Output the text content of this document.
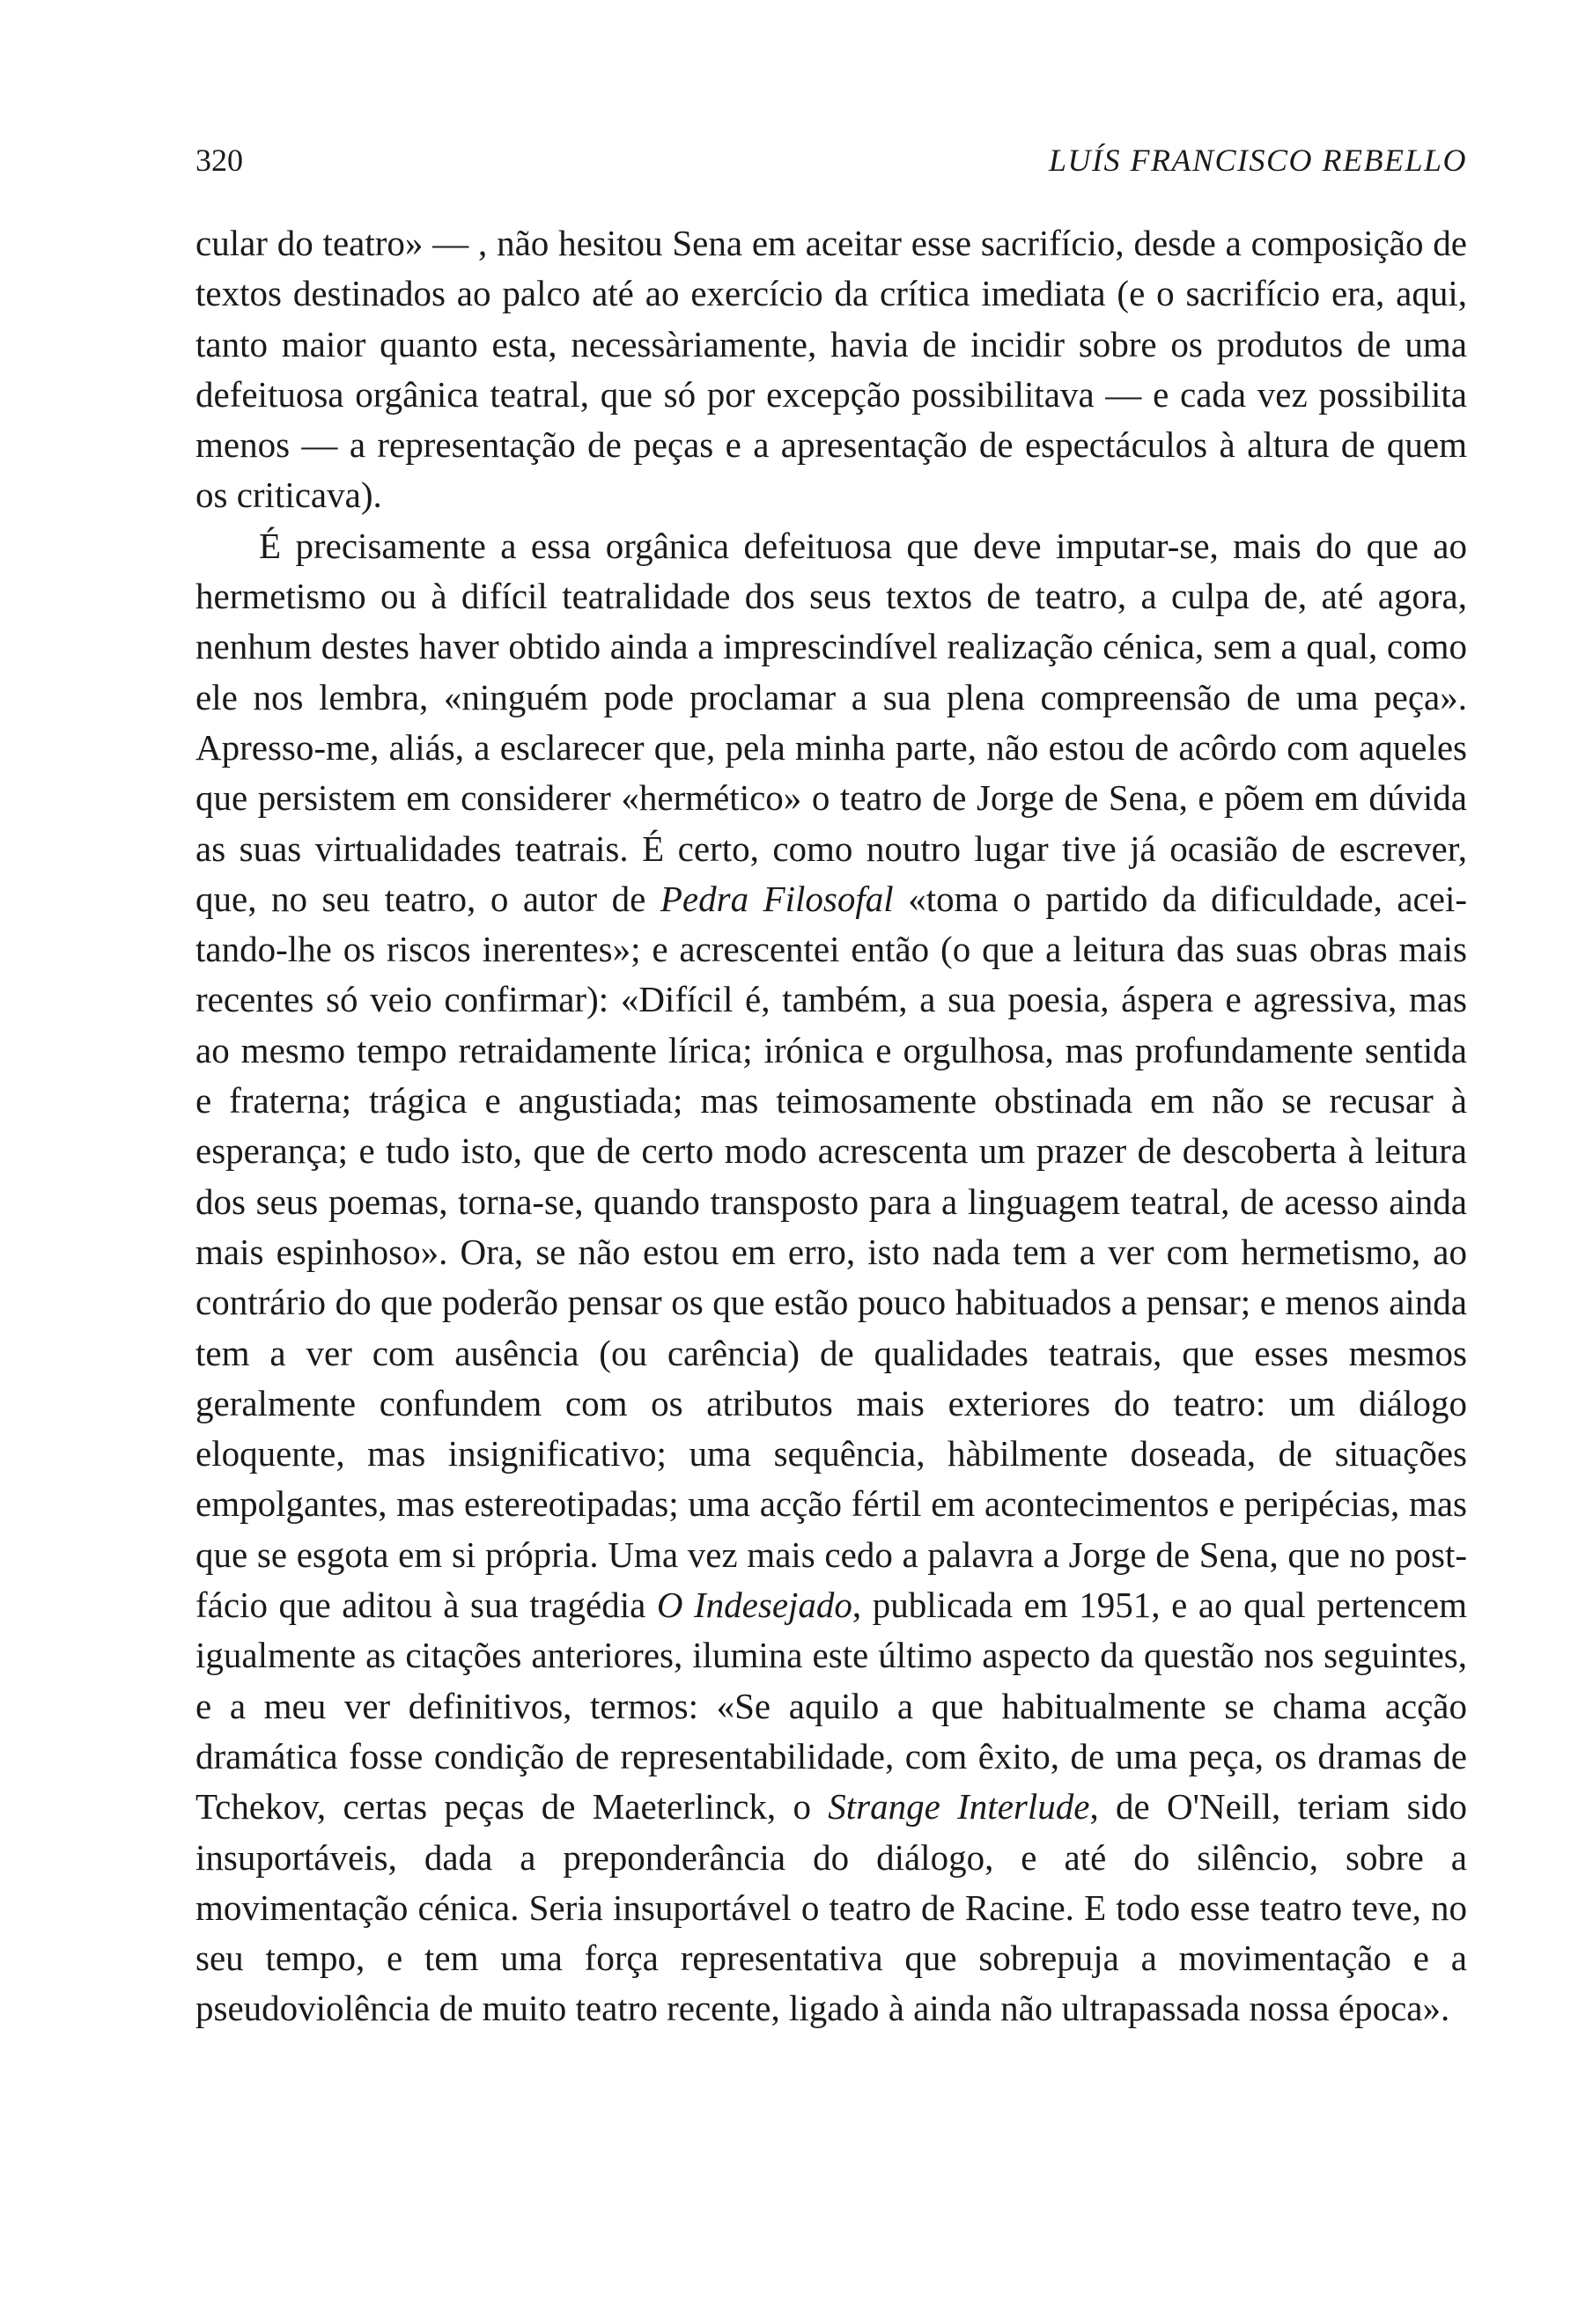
320	LUÍS FRANCISCO REBELLO

cular do teatro» — , não hesitou Sena em aceitar esse sacrifício, desde a composição de textos destinados ao palco até ao exercício da crítica imediata (e o sacrifício era, aqui, tanto maior quanto esta, necessàriamente, havia de incidir sobre os produtos de uma defeituosa orgânica teatral, que só por excepção possibilitava — e cada vez possibilita menos — a representação de peças e a apresentação de espectáculos à altura de quem os criticava).

É precisamente a essa orgânica defeituosa que deve imputar-se, mais do que ao hermetismo ou à difícil teatralidade dos seus textos de teatro, a culpa de, até agora, nenhum destes haver obtido ainda a imprescindível realização cénica, sem a qual, como ele nos lembra, «ninguém pode proclamar a sua plena compreensão de uma peça». Apresso-me, aliás, a esclarecer que, pela minha parte, não estou de acôrdo com aqueles que persistem em considerer «hermético» o teatro de Jorge de Sena, e põem em dúvida as suas virtualidades teatrais. É certo, como noutro lugar tive já ocasião de escrever, que, no seu teatro, o autor de Pedra Filosofal «toma o partido da dificuldade, aceitando-lhe os riscos inerentes»; e acrescentei então (o que a leitura das suas obras mais recentes só veio confirmar): «Difícil é, também, a sua poesia, áspera e agressiva, mas ao mesmo tempo retraidamente lírica; irónica e orgulhosa, mas profundamente sentida e fraterna; trágica e angustiada; mas teimosamente obstinada em não se recusar à esperança; e tudo isto, que de certo modo acrescenta um prazer de descoberta à leitura dos seus poemas, torna-se, quando transposto para a linguagem teatral, de acesso ainda mais espinhoso». Ora, se não estou em erro, isto nada tem a ver com hermetismo, ao contrário do que poderão pensar os que estão pouco habituados a pensar; e menos ainda tem a ver com ausência (ou carência) de qualidades teatrais, que esses mesmos geralmente confundem com os atributos mais exteriores do teatro: um diálogo eloquente, mas insignificativo; uma sequência, hàbilmente doseada, de situações empolgantes, mas estereotipadas; uma acção fértil em acontecimentos e peripécias, mas que se esgota em si própria. Uma vez mais cedo a palavra a Jorge de Sena, que no post-fácio que aditou à sua tragédia O Indesejado, publicada em 1951, e ao qual pertencem igualmente as citações anteriores, ilumina este último aspecto da questão nos seguintes, e a meu ver definitivos, termos: «Se aquilo a que habitualmente se chama acção dramática fosse condição de representabilidade, com êxito, de uma peça, os dramas de Tchekov, certas peças de Maeterlinck, o Strange Interlude, de O'Neill, teriam sido insuportáveis, dada a preponderância do diálogo, e até do silêncio, sobre a movimentação cénica. Seria insuportável o teatro de Racine. E todo esse teatro teve, no seu tempo, e tem uma força representativa que sobrepuja a movimentação e a pseudoviolência de muito teatro recente, ligado à ainda não ultrapassada nossa época».
